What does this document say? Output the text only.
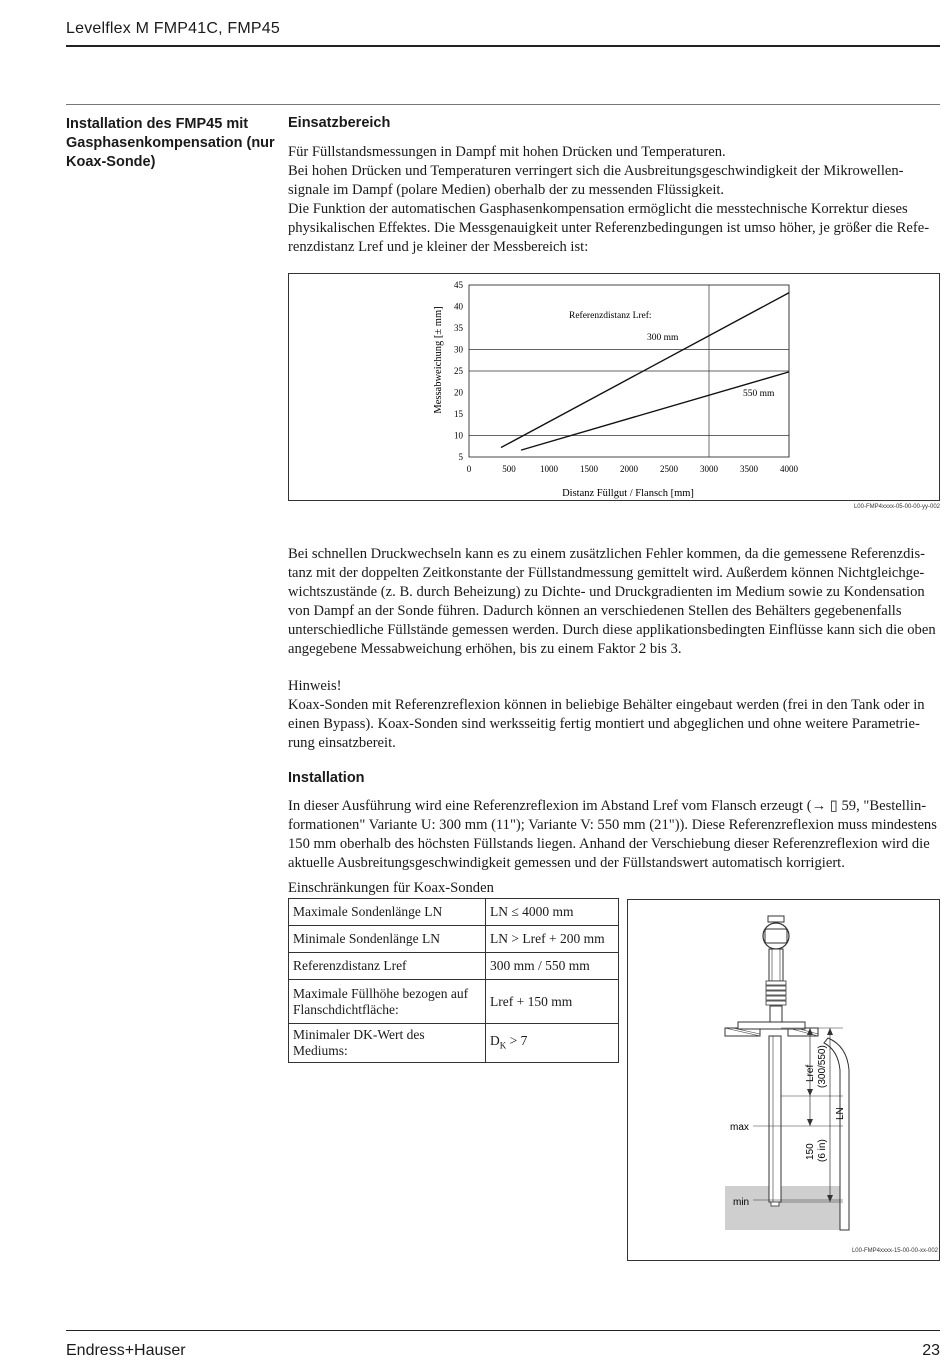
Levelflex M FMP41C, FMP45
Installation des FMP45 mit Gasphasenkompensation (nur Koax-Sonde)
Einsatzbereich

Für Füllstandsmessungen in Dampf mit hohen Drücken und Temperaturen.

Bei hohen Drücken und Temperaturen verringert sich die Ausbreitungsgeschwindigkeit der Mikrowellen-

signale im Dampf (polare Medien) oberhalb der zu messenden Flüssigkeit.

Die Funktion der automatischen Gasphasenkompensation ermöglicht die messtechnische Korrektur dieses

physikalischen Effektes. Die Messgenauigkeit unter Referenzbedingungen ist umso höher, je größer die Refe-

renzdistanz Lref und je kleiner der Messbereich ist:

0	500	1000 1500 2000 2500 3000 3500 4000
5
10
15
20
25
30
35
40
45
Messabweichung [± mm]
Distanz Füllgut / Flansch [mm]
Referenzdistanz Lref:
300 mm
550 mm
L00-FMP4xxxx-05-00-00-yy-002

Bei schnellen Druckwechseln kann es zu einem zusätzlichen Fehler kommen, da die gemessene Referenzdis-

tanz mit der doppelten Zeitkonstante der Füllstandmessung gemittelt wird. Außerdem können Nichtgleichge-

wichtszustände (z. B. durch Beheizung) zu Dichte- und Druckgradienten im Medium sowie zu Kondensation

von Dampf an der Sonde führen. Dadurch können an verschiedenen Stellen des Behälters gegebenenfalls

unterschiedliche Füllstände gemessen werden. Durch diese applikationsbedingten Einflüsse kann sich die oben

angegebene Messabweichung erhöhen, bis zu einem Faktor 2 bis 3.

Hinweis!

Koax-Sonden mit Referenzreflexion können in beliebige Behälter eingebaut werden (frei in den Tank oder in

einen Bypass). Koax-Sonden sind werksseitig fertig montiert und abgeglichen und ohne weitere Parametrie-

rung einsatzbereit.

Installation

In dieser Ausführung wird eine Referenzreflexion im Abstand Lref vom Flansch erzeugt (→ ▯ 59, "Bestellin-

formationen" Variante U: 300 mm (11"); Variante V: 550 mm (21")). Diese Referenzreflexion muss mindestens

150 mm oberhalb des höchsten Füllstands liegen. Anhand der Verschiebung dieser Referenzreflexion wird die

aktuelle Ausbreitungsgeschwindigkeit gemessen und der Füllstandswert automatisch korrigiert.

Einschränkungen für Koax-Sonden
Maximale Sondenlänge LN	LN ≤ 4000 mm
Minimale Sondenlänge LN	LN > Lref + 200 mm
Referenzdistanz Lref	300 mm / 550 mm
Maximale Füllhöhe bezogen auf Flanschdichtfläche:	Lref + 150 mm
Minimaler DK-Wert des Mediums:	$D_K > 7$
Lref (300/550)
LN
max
150 (6 in)
min
L00-FMP4xxxx-15-00-00-xx-002
Endress+Hauser	23
